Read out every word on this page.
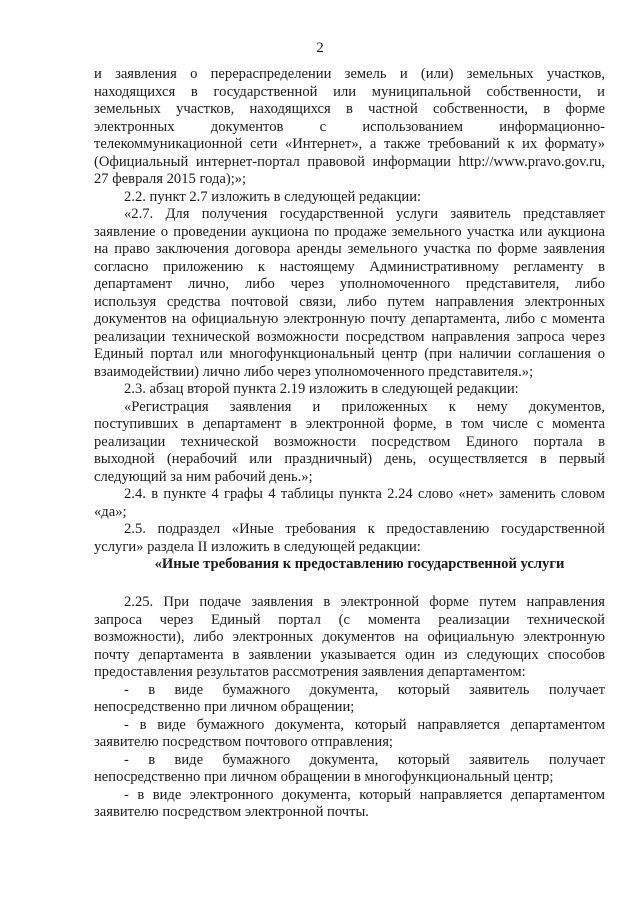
2
и заявления о перераспределении земель и (или) земельных участков,
находящихся в государственной или муниципальной собственности, и
земельных участков, находящихся в частной собственности, в форме
электронных документов с использованием информационно-
телекоммуникационной сети «Интернет», а также требований к их формату»
(Официальный интернет-портал правовой информации http://www.pravo.gov.ru,
27 февраля 2015 года);»;
2.2. пункт 2.7 изложить в следующей редакции:
«2.7. Для получения государственной услуги заявитель представляет
заявление о проведении аукциона по продаже земельного участка или аукциона
на право заключения договора аренды земельного участка по форме заявления
согласно приложению к настоящему Административному регламенту в
департамент лично, либо через уполномоченного представителя, либо
используя средства почтовой связи, либо путем направления электронных
документов на официальную электронную почту департамента, либо с момента
реализации технической возможности посредством направления запроса через
Единый портал или многофункциональный центр (при наличии соглашения о
взаимодействии) лично либо через уполномоченного представителя.»;
2.3. абзац второй пункта 2.19 изложить в следующей редакции:
«Регистрация заявления и приложенных к нему документов,
поступивших в департамент в электронной форме, в том числе с момента
реализации технической возможности посредством Единого портала в
выходной (нерабочий или праздничный) день, осуществляется в первый
следующий за ним рабочий день.»;
2.4. в пункте 4 графы 4 таблицы пункта 2.24 слово «нет» заменить словом
«да»;
2.5. подраздел «Иные требования к предоставлению государственной
услуги» раздела II изложить в следующей редакции:
«Иные требования к предоставлению государственной услуги
2.25. При подаче заявления в электронной форме путем направления
запроса через Единый портал (с момента реализации технической
возможности), либо электронных документов на официальную электронную
почту департамента в заявлении указывается один из следующих способов
предоставления результатов рассмотрения заявления департаментом:
- в виде бумажного документа, который заявитель получает
непосредственно при личном обращении;
- в виде бумажного документа, который направляется департаментом
заявителю посредством почтового отправления;
- в виде бумажного документа, который заявитель получает
непосредственно при личном обращении в многофункциональный центр;
- в виде электронного документа, который направляется департаментом
заявителю посредством электронной почты.
